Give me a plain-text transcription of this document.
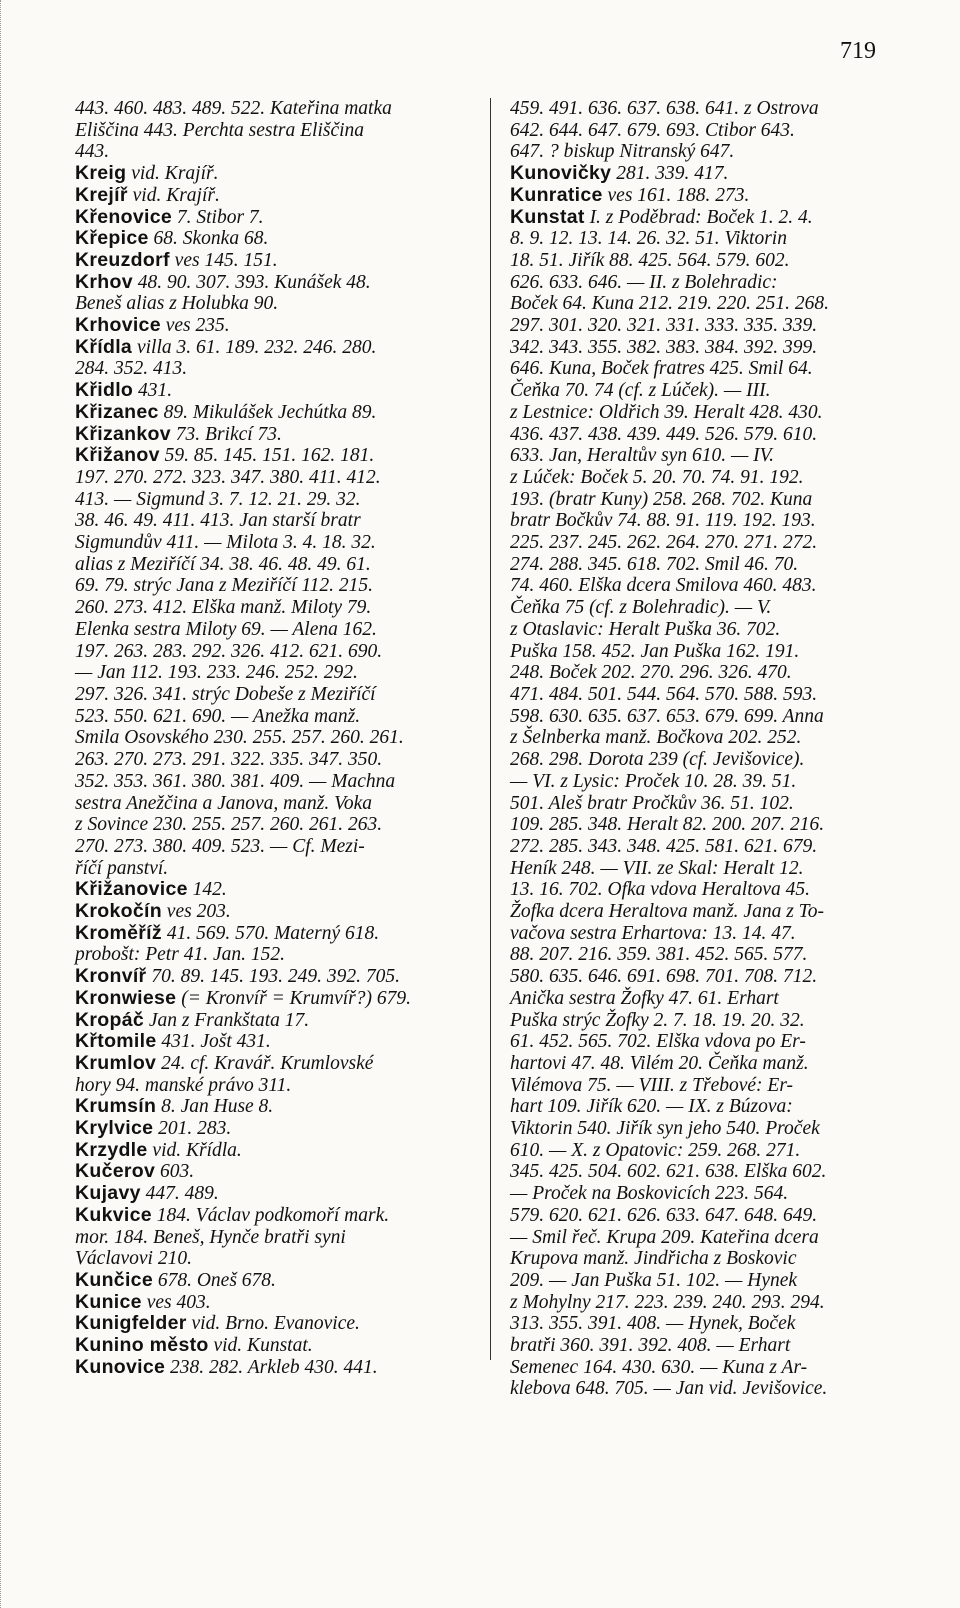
719
443. 460. 483. 489. 522. Kateřina matka
Eliščina 443. Perchta sestra Eliščina
443.
Kreig vid. Krajíř.
Krejíř vid. Krajíř.
Křenovice 7. Stibor 7.
Křepice 68. Skonka 68.
Kreuzdorf ves 145. 151.
Krhov 48. 90. 307. 393. Kunášek 48.
Beneš alias z Holubka 90.
Krhovice ves 235.
Křídla villa 3. 61. 189. 232. 246. 280.
284. 352. 413.
Křidlo 431.
Křizanec 89. Mikulášek Jechútka 89.
Křizankov 73. Brikcí 73.
Křižanov 59. 85. 145. 151. 162. 181.
197. 270. 272. 323. 347. 380. 411. 412.
413. — Sigmund 3. 7. 12. 21. 29. 32.
38. 46. 49. 411. 413. Jan starší bratr
Sigmundův 411. — Milota 3. 4. 18. 32.
alias z Meziříčí 34. 38. 46. 48. 49. 61.
69. 79. strýc Jana z Meziříčí 112. 215.
260. 273. 412. Elška manž. Miloty 79.
Elenka sestra Miloty 69. — Alena 162.
197. 263. 283. 292. 326. 412. 621. 690.
— Jan 112. 193. 233. 246. 252. 292.
297. 326. 341. strýc Dobeše z Meziříčí
523. 550. 621. 690. — Anežka manž.
Smila Osovského 230. 255. 257. 260. 261.
263. 270. 273. 291. 322. 335. 347. 350.
352. 353. 361. 380. 381. 409. — Machna
sestra Anežčina a Janova, manž. Voka
z Sovince 230. 255. 257. 260. 261. 263.
270. 273. 380. 409. 523. — Cf. Mezi-
říčí panství.
Křižanovice 142.
Krokočín ves 203.
Kroměříž 41. 569. 570. Materný 618.
probošt: Petr 41. Jan. 152.
Kronvíř 70. 89. 145. 193. 249. 392. 705.
Kronwiese (= Kronvíř = Krumvíř?) 679.
Kropáč Jan z Frankštata 17.
Křtomile 431. Jošt 431.
Krumlov 24. cf. Kravář. Krumlovské
hory 94. manské právo 311.
Krumsín 8. Jan Huse 8.
Krylvice 201. 283.
Krzydle vid. Křídla.
Kučerov 603.
Kujavy 447. 489.
Kukvice 184. Václav podkomoří mark.
mor. 184. Beneš, Hynče bratři syni
Václavovi 210.
Kunčice 678. Oneš 678.
Kunice ves 403.
Kunigfelder vid. Brno. Evanovice.
Kunino město vid. Kunstat.
Kunovice 238. 282. Arkleb 430. 441.
459. 491. 636. 637. 638. 641. z Ostrova
642. 644. 647. 679. 693. Ctibor 643.
647. ? biskup Nitranský 647.
Kunovičky 281. 339. 417.
Kunratice ves 161. 188. 273.
Kunstat I. z Poděbrad: Boček 1. 2. 4.
8. 9. 12. 13. 14. 26. 32. 51. Viktorin
18. 51. Jiřík 88. 425. 564. 579. 602.
626. 633. 646. — II. z Bolehradic:
Boček 64. Kuna 212. 219. 220. 251. 268.
297. 301. 320. 321. 331. 333. 335. 339.
342. 343. 355. 382. 383. 384. 392. 399.
646. Kuna, Boček fratres 425. Smil 64.
Čeňka 70. 74 (cf. z Lúček). — III.
z Lestnice: Oldřich 39. Heralt 428. 430.
436. 437. 438. 439. 449. 526. 579. 610.
633. Jan, Heraltův syn 610. — IV.
z Lúček: Boček 5. 20. 70. 74. 91. 192.
193. (bratr Kuny) 258. 268. 702. Kuna
bratr Bočkův 74. 88. 91. 119. 192. 193.
225. 237. 245. 262. 264. 270. 271. 272.
274. 288. 345. 618. 702. Smil 46. 70.
74. 460. Elška dcera Smilova 460. 483.
Čeňka 75 (cf. z Bolehradic). — V.
z Otaslavic: Heralt Puška 36. 702.
Puška 158. 452. Jan Puška 162. 191.
248. Boček 202. 270. 296. 326. 470.
471. 484. 501. 544. 564. 570. 588. 593.
598. 630. 635. 637. 653. 679. 699. Anna
z Šelnberka manž. Bočkova 202. 252.
268. 298. Dorota 239 (cf. Jevišovice).
— VI. z Lysic: Proček 10. 28. 39. 51.
501. Aleš bratr Pročkův 36. 51. 102.
109. 285. 348. Heralt 82. 200. 207. 216.
272. 285. 343. 348. 425. 581. 621. 679.
Heník 248. — VII. ze Skal: Heralt 12.
13. 16. 702. Ofka vdova Heraltova 45.
Žofka dcera Heraltova manž. Jana z To-
vačova sestra Erhartova: 13. 14. 47.
88. 207. 216. 359. 381. 452. 565. 577.
580. 635. 646. 691. 698. 701. 708. 712.
Anička sestra Žofky 47. 61. Erhart
Puška strýc Žofky 2. 7. 18. 19. 20. 32.
61. 452. 565. 702. Elška vdova po Er-
hartovi 47. 48. Vilém 20. Čeňka manž.
Vilémova 75. — VIII. z Třebové: Er-
hart 109. Jiřík 620. — IX. z Búzova:
Viktorin 540. Jiřík syn jeho 540. Proček
610. — X. z Opatovic: 259. 268. 271.
345. 425. 504. 602. 621. 638. Elška 602.
— Proček na Boskovicích 223. 564.
579. 620. 621. 626. 633. 647. 648. 649.
— Smil řeč. Krupa 209. Kateřina dcera
Krupova manž. Jindřicha z Boskovic
209. — Jan Puška 51. 102. — Hynek
z Mohylny 217. 223. 239. 240. 293. 294.
313. 355. 391. 408. — Hynek, Boček
bratři 360. 391. 392. 408. — Erhart
Semenec 164. 430. 630. — Kuna z Ar-
klebova 648. 705. — Jan vid. Jevišovice.
